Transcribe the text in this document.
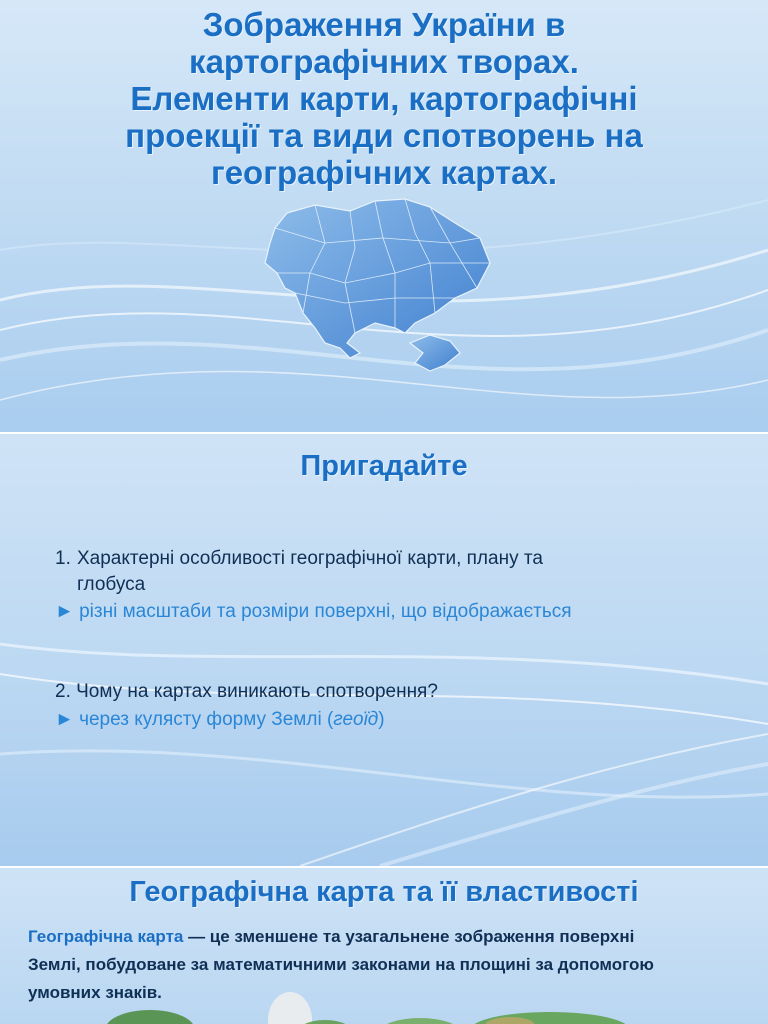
Зображення України в
картографічних творах.
Елементи карти, картографічні
проекції та види спотворень на
географічних картах.
Пригадайте
1. Характерні особливості географічної карти, плану та
глобуса
► різні масштаби та розміри поверхні, що відображається
2. Чому на картах виникають спотворення?
► через кулясту форму Землі (геоїд)
Географічна карта та її властивості
Географічна карта — це зменшене та узагальнене зображення поверхні
Землі, побудоване за математичними законами на площині за допомогою
умовних знаків.
